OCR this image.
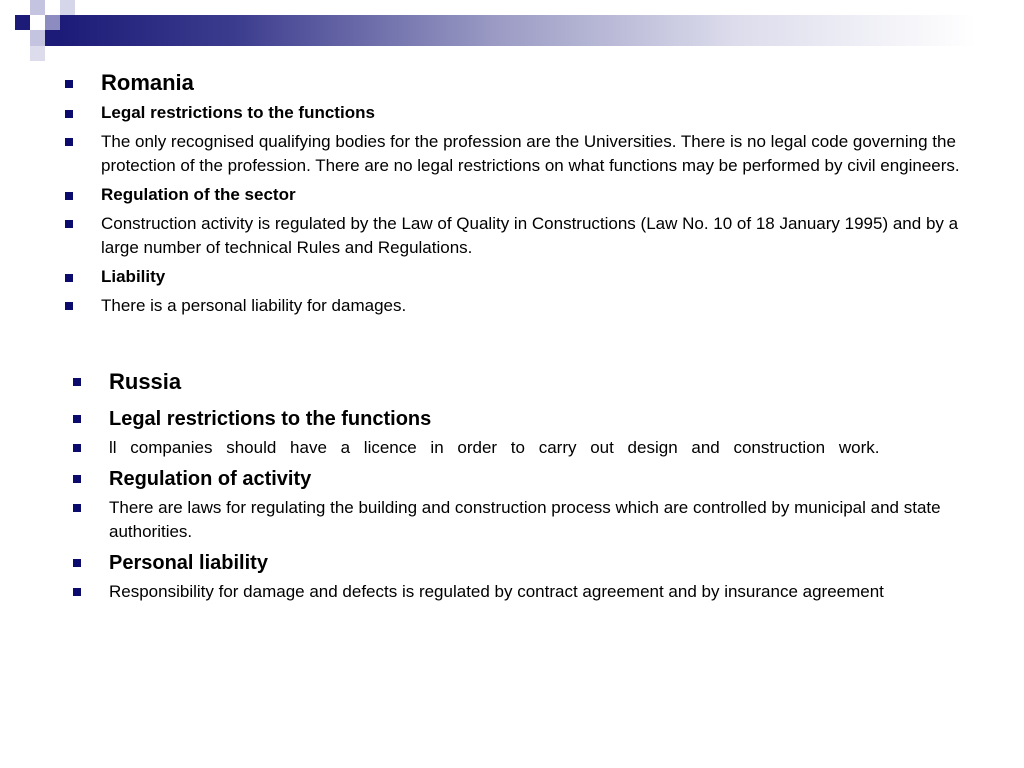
Romania
Legal restrictions to the functions
The only recognised qualifying bodies for the profession are the Universities. There is no legal code governing the protection of the profession. There are no legal restrictions on what functions may be performed by civil engineers.
Regulation of the sector
Construction activity is regulated by the Law of Quality in Constructions (Law No. 10 of 18 January 1995) and by a large number of technical Rules and Regulations.
Liability
There is a personal liability for damages.
Russia
Legal restrictions to the functions
ll companies should have a licence in order to carry out design and construction work.
Regulation of activity
There are laws for regulating the building and construction process which are controlled by municipal and state authorities.
Personal liability
Responsibility for damage and defects is regulated by contract agreement and by insurance agreement
